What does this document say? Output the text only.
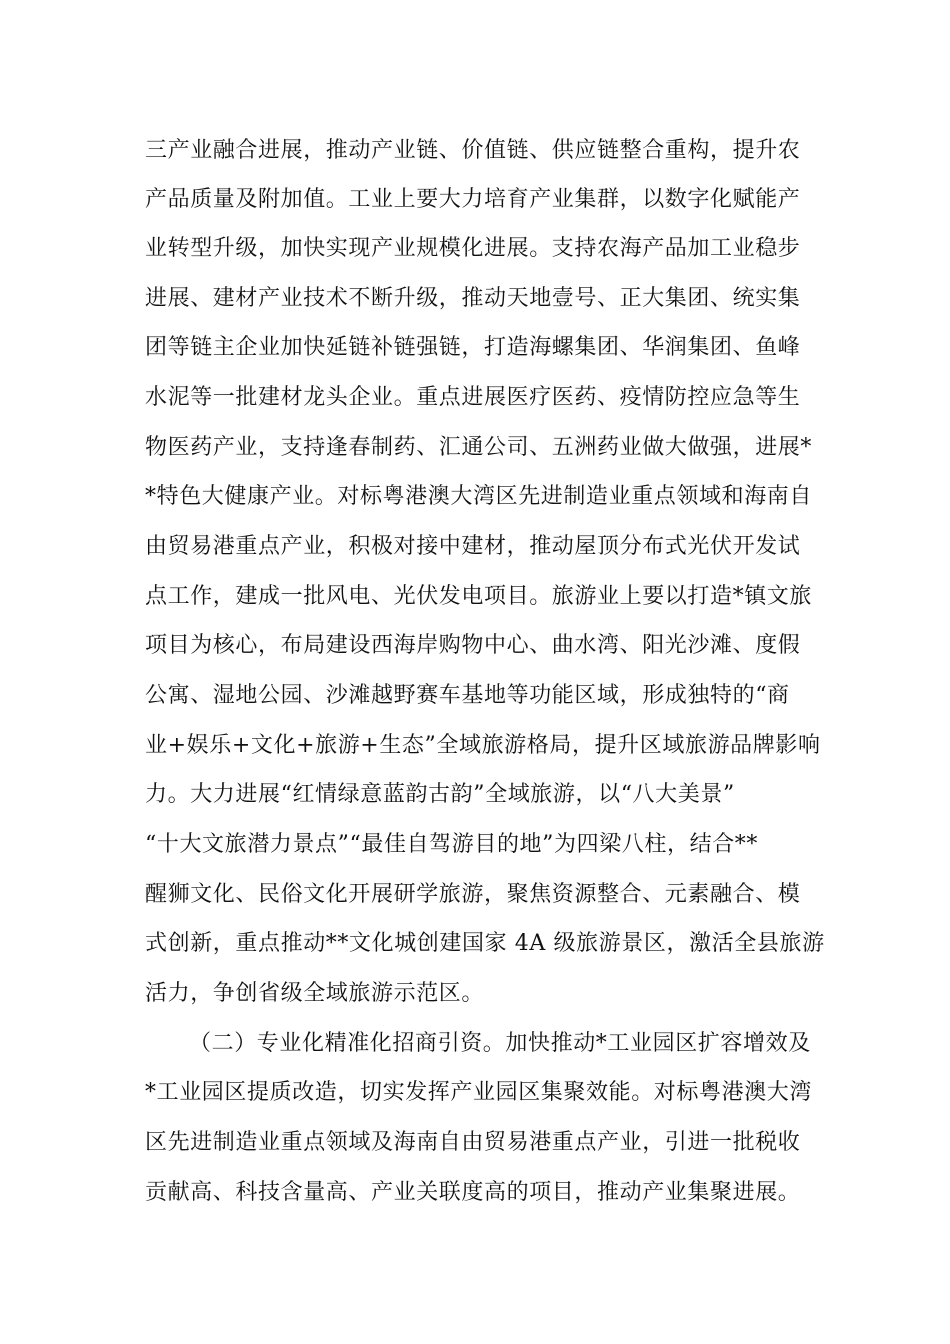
三产业融合进展，推动产业链、价值链、供应链整合重构，提升农
产品质量及附加值。工业上要大力培育产业集群，以数字化赋能产
业转型升级，加快实现产业规模化进展。支持农海产品加工业稳步
进展、建材产业技术不断升级，推动天地壹号、正大集团、统实集
团等链主企业加快延链补链强链，打造海螺集团、华润集团、鱼峰
水泥等一批建材龙头企业。重点进展医疗医药、疫情防控应急等生
物医药产业，支持逢春制药、汇通公司、五洲药业做大做强，进展*
*特色大健康产业。对标粤港澳大湾区先进制造业重点领域和海南自
由贸易港重点产业，积极对接中建材，推动屋顶分布式光伏开发试
点工作，建成一批风电、光伏发电项目。旅游业上要以打造*镇文旅
项目为核心，布局建设西海岸购物中心、曲水湾、阳光沙滩、度假
公寓、湿地公园、沙滩越野赛车基地等功能区域，形成独特的“商
业+娱乐+文化+旅游+生态”全域旅游格局，提升区域旅游品牌影响
力。大力进展“红情绿意蓝韵古韵”全域旅游，以“八大美景”
“十大文旅潜力景点”“最佳自驾游目的地”为四梁八柱，结合**
醒狮文化、民俗文化开展研学旅游，聚焦资源整合、元素融合、模
式创新，重点推动**文化城创建国家 4A 级旅游景区，激活全县旅游
活力，争创省级全域旅游示范区。
（二）专业化精准化招商引资。加快推动*工业园区扩容增效及
*工业园区提质改造，切实发挥产业园区集聚效能。对标粤港澳大湾
区先进制造业重点领域及海南自由贸易港重点产业，引进一批税收
贡献高、科技含量高、产业关联度高的项目，推动产业集聚进展。
